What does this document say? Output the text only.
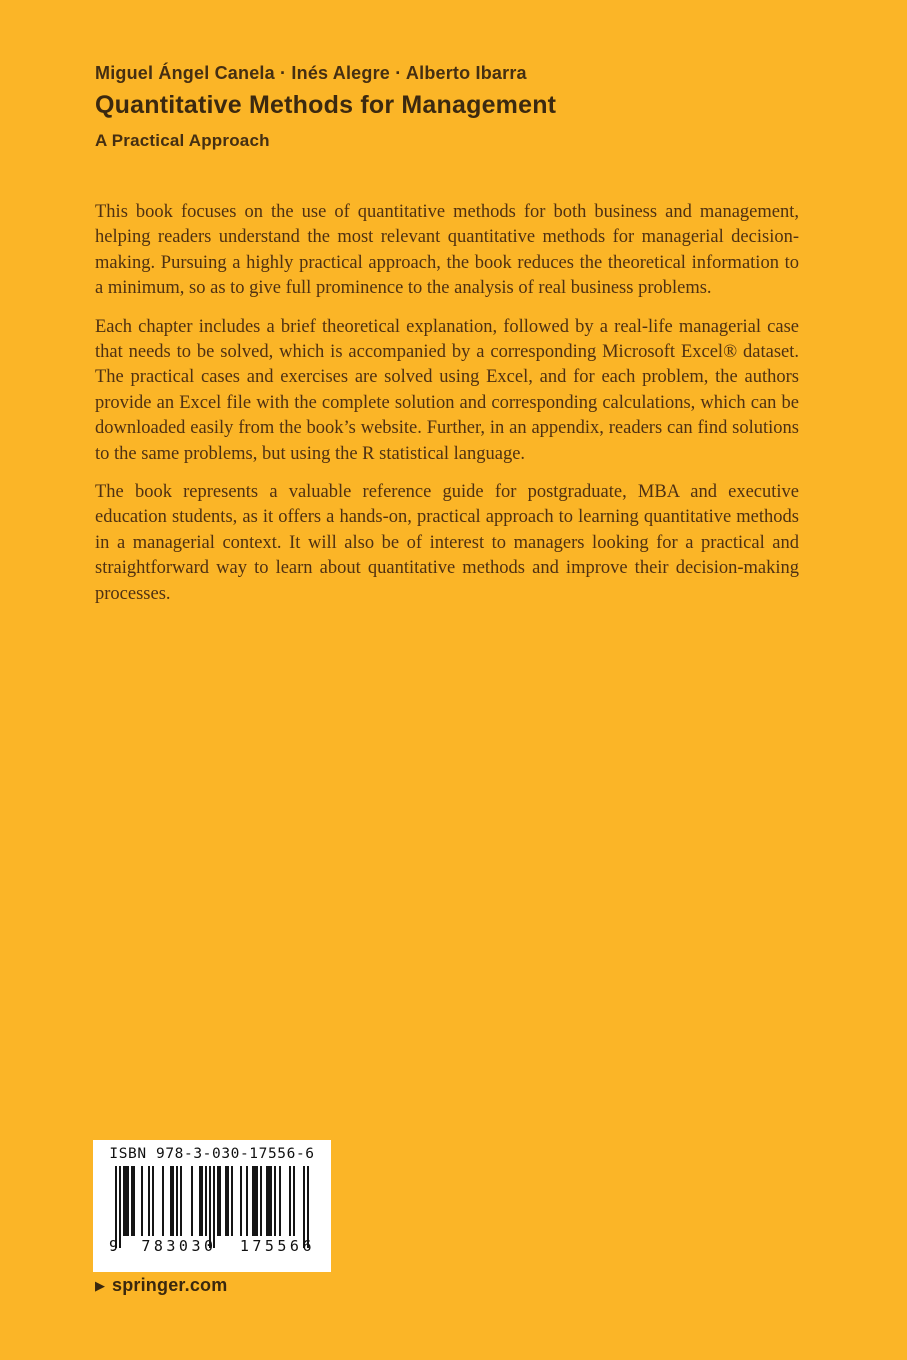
Miguel Ángel Canela · Inés Alegre · Alberto Ibarra

Quantitative Methods for Management

A Practical Approach

This book focuses on the use of quantitative methods for both business and management, helping readers understand the most relevant quantitative methods for managerial decision-making. Pursuing a highly practical approach, the book reduces the theoretical information to a minimum, so as to give full prominence to the analysis of real business problems.

Each chapter includes a brief theoretical explanation, followed by a real-life managerial case that needs to be solved, which is accompanied by a corresponding Microsoft Excel® dataset. The practical cases and exercises are solved using Excel, and for each problem, the authors provide an Excel file with the complete solution and corresponding calculations, which can be downloaded easily from the book’s website. Further, in an appendix, readers can find solutions to the same problems, but using the R statistical language.

The book represents a valuable reference guide for postgraduate, MBA and executive education students, as it offers a hands-on, practical approach to learning quantitative methods in a managerial context. It will also be of interest to managers looking for a practical and straightforward way to learn about quantitative methods and improve their decision-making processes.

ISBN 978-3-030-17556-6
9 783030 175566
▶ springer.com
